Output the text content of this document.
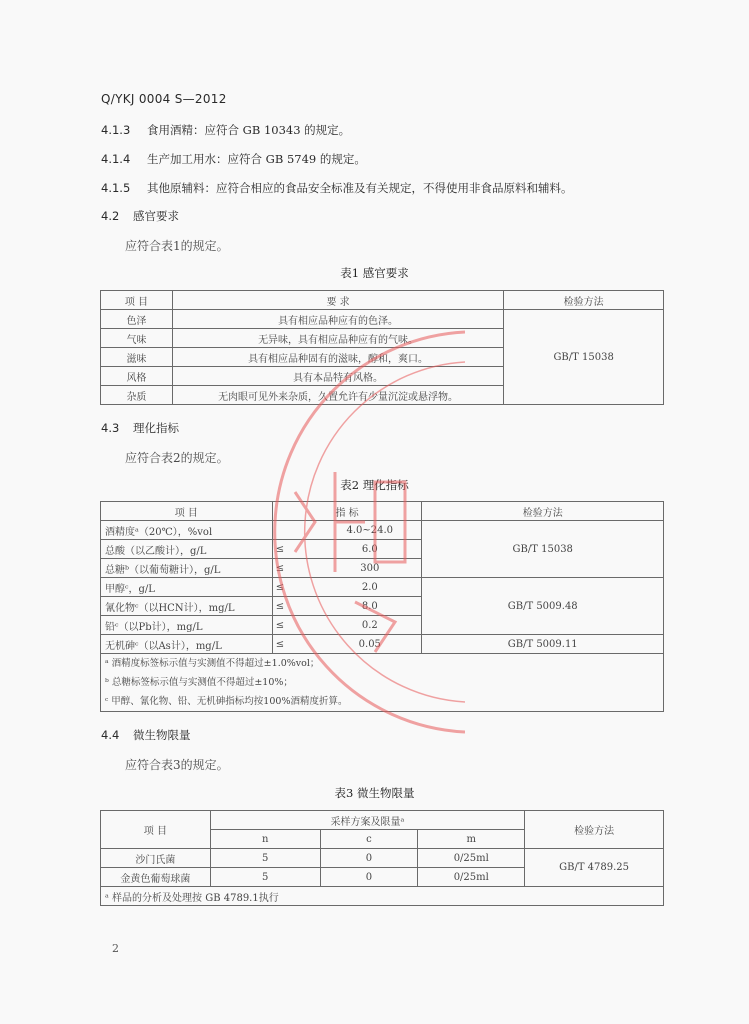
Q/YKJ 0004 S—2012
4.1.3 食用酒精：应符合 GB 10343 的规定。
4.1.4 生产加工用水：应符合 GB 5749 的规定。
4.1.5 其他原辅料：应符合相应的食品安全标准及有关规定，不得使用非食品原料和辅料。
4.2 感官要求
应符合表1的规定。
表1 感官要求
项 目	要 求	检验方法
色泽	具有相应品种应有的色泽。	GB/T 15038
气味	无异味，具有相应品种应有的气味。	
滋味	具有相应品种固有的滋味，醇和，爽口。	
风格	具有本品特有风格。	
杂质	无肉眼可见外来杂质，久置允许有少量沉淀或悬浮物。	
4.3 理化指标
应符合表2的规定。
表2 理化指标
项 目	指 标		检验方法
酒精度ᵃ（20℃），%vol		4.0~24.0	GB/T 15038
总酸（以乙酸计），g/L	≤	6.0	
总糖ᵇ（以葡萄糖计），g/L	≤	300	
甲醇ᶜ，g/L	≤	2.0	GB/T 5009.48
氰化物ᶜ（以HCN计），mg/L	≤	8.0	
铅ᶜ（以Pb计），mg/L	≤	0.2	
无机砷ᶜ（以As计），mg/L	≤	0.05	GB/T 5009.11

ᵃ 酒精度标签标示值与实测值不得超过±1.0%vol；
ᵇ 总糖标签标示值与实测值不得超过±10%；
ᶜ 甲醇、氰化物、铅、无机砷指标均按100%酒精度折算。			
4.4 微生物限量
应符合表3的规定。
表3 微生物限量
项 目	采样方案及限量ᵃ			检验方法
	n	c	m	
沙门氏菌	5	0	0/25ml	GB/T 4789.25
金黄色葡萄球菌	5	0	0/25ml	
ᵃ 样品的分析及处理按 GB 4789.1执行				
2
